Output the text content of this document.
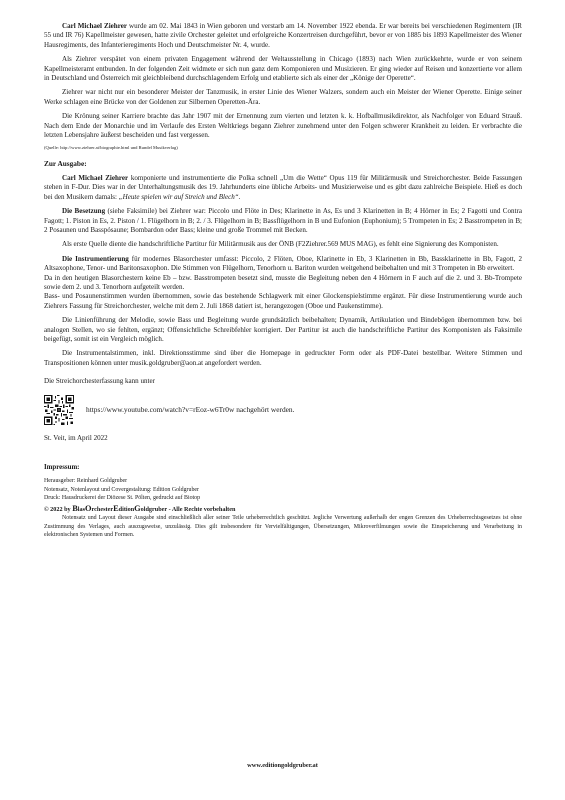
Carl Michael Ziehrer wurde am 02. Mai 1843 in Wien geboren und verstarb am 14. November 1922 ebenda. Er war bereits bei verschiedenen Regimentern (IR 55 und IR 76) Kapellmeister gewesen, hatte zivile Orchester geleitet und erfolgreiche Konzertreisen durchgeführt, bevor er von 1885 bis 1893 Kapellmeister des Wiener Hausregiments, des Infanterieregiments Hoch und Deutschmeister Nr. 4, wurde.

Als Ziehrer verspätet von einem privaten Engagement während der Weltausstellung in Chicago (1893) nach Wien zurückkehrte, wurde er von seinem Kapellmeisteramt entbunden. In der folgenden Zeit widmete er sich nun ganz dem Komponieren und Musizieren. Er ging wieder auf Reisen und konzertierte vor allem in Deutschland und Österreich mit gleichbleibend durchschlagendem Erfolg und etablierte sich als einer der „Könige der Operette“.

Ziehrer war nicht nur ein besonderer Meister der Tanzmusik, in erster Linie des Wiener Walzers, sondern auch ein Meister der Wiener Operette. Einige seiner Werke schlagen eine Brücke von der Goldenen zur Silbernen Operetten-Ära.

Die Krönung seiner Karriere brachte das Jahr 1907 mit der Ernennung zum vierten und letzten k. k. Hofballmusikdirektor, als Nachfolger von Eduard Strauß. Nach dem Ende der Monarchie und im Verlaufe des Ersten Weltkriegs begann Ziehrer zunehmend unter den Folgen schwerer Krankheit zu leiden. Er verbrachte die letzten Lebensjahre äußerst bescheiden und fast vergessen.

(Quelle: http://www.ziehrer.at/biographie.html und Rundel Musikverlag)

Zur Ausgabe:

Carl Michael Ziehrer komponierte und instrumentierte die Polka schnell „Um die Wette“ Opus 119 für Militärmusik und Streichorchester. Beide Fassungen stehen in F-Dur. Dies war in der Unterhaltungsmusik des 19. Jahrhunderts eine übliche Arbeits- und Musizierweise und es gibt dazu zahlreiche Beispiele. Hieß es doch bei den Musikern damals: „Heute spielen wir auf Streich und Blech“.

Die Besetzung (siehe Faksimile) bei Ziehrer war: Piccolo und Flöte in Des; Klarinette in As, Es und 3 Klarinetten in B; 4 Hörner in Es; 2 Fagotti und Contra Fagott; 1. Piston in Es, 2. Piston / 1. Flügelhorn in B; 2. / 3. Flügelhorn in B; Bassflügelhorn in B und Eufonion (Euphonium); 5 Trompeten in Es; 2 Basstrompeten in B; 2 Posaunen und Basspósaune; Bombardon oder Bass; kleine und große Trommel mit Becken.

Als erste Quelle diente die handschriftliche Partitur für Militärmusik aus der ÖNB (F2Ziehrer.569 MUS MAG), es fehlt eine Signierung des Komponisten.

Die Instrumentierung für modernes Blasorchester umfasst: Piccolo, 2 Flöten, Oboe, Klarinette in Eb, 3 Klarinetten in Bb, Bassklarinette in Bb, Fagott, 2 Altsaxophone, Tenor- und Baritonsaxophon. Die Stimmen von Flügelhorn, Tenorhorn u. Bariton wurden weitgehend beibehalten und mit 3 Trompeten in Bb erweitert.

Da in den heutigen Blasorchestern keine Eb – bzw. Basstrompeten besetzt sind, musste die Begleitung neben den 4 Hörnern in F auch auf die 2. und 3. Bb-Trompete sowie dem 2. und 3. Tenorhorn aufgeteilt werden.

Bass- und Posaunenstimmen wurden übernommen, sowie das bestehende Schlagwerk mit einer Glockenspielstimme ergänzt. Für diese Instrumentierung wurde auch Ziehrers Fassung für Streichorchester, welche mit dem 2. Juli 1868 datiert ist, herangezogen (Oboe und Paukenstimme).

Die Linienführung der Melodie, sowie Bass und Begleitung wurde grundsätzlich beibehalten; Dynamik, Artikulation und Bindebögen übernommen bzw. bei analogen Stellen, wo sie fehlten, ergänzt; Offensichtliche Schreibfehler korrigiert. Der Partitur ist auch die handschriftliche Partitur des Komponisten als Faksimile beigefügt, somit ist ein Vergleich möglich.

Die Instrumentalstimmen, inkl. Direktionsstimme sind über die Homepage in gedruckter Form oder als PDF-Datei bestellbar. Weitere Stimmen und Transpositionen können unter musik.goldgruber@aon.at angefordert werden.

Die Streichorchesterfassung kann unter

https://www.youtube.com/watch?v=rEoz-w6Tr0w nachgehört werden.

St. Veit, im April 2022

Impressum:

Herausgeber: Reinhard Goldgruber

Notensatz, Notenlayout und Covergestaltung: Edition Goldgruber

Druck: Hausdruckerei der Diözese St. Pölten, gedruckt auf Biotop

© 2022 by BlasOrchesterEditionGoldgruber - Alle Rechte vorbehalten

Notensatz und Layout dieser Ausgabe sind einschließlich aller seiner Teile urheberrechtlich geschützt. Jegliche Verwertung außerhalb der engen Grenzen des Urheberrechtsgesetzes ist ohne Zustimmung des Verlages, auch auszugsweise, unzulässig. Dies gilt insbesondere für Vervielfältigungen, Übersetzungen, Mikroverfilmungen sowie die Einspeicherung und Verarbeitung in elektronischen Systemen und Formen.

www.editiongoldgruber.at
